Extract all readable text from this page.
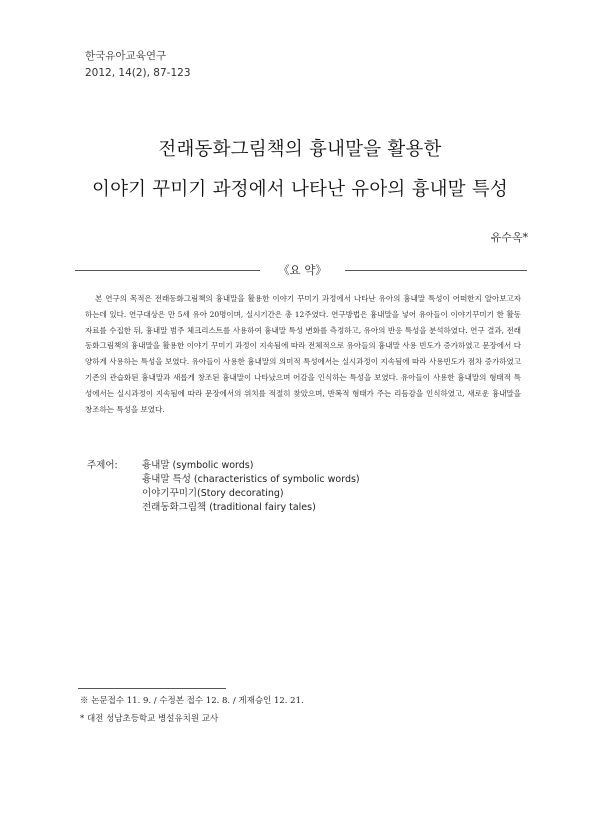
한국유아교육연구
2012, 14(2), 87-123
전래동화그림책의 흉내말을 활용한
이야기 꾸미기 과정에서 나타난 유아의 흉내말 특성
유수옥*
《요 약》

본 연구의 목적은 전래동화그림책의 흉내말을 활용한 이야기 꾸미기 과정에서 나타난 유아의 흉내말 특성이 어떠한지 알아보고자 하는데 있다. 연구대상은 만 5세 유아 20명이며, 실시기간은 총 12주였다. 연구방법은 흉내말을 넣어 유아들이 이야기꾸미기 한 활동 자료를 수집한 뒤, 흉내말 범주 체크리스트를 사용하여 흉내말 특성 변화를 측정하고, 유아의 반응 특성을 분석하였다. 연구 결과, 전래동화그림책의 흉내말을 활용한 이야기 꾸미기 과정이 지속됨에 따라 전체적으로 유아들의 흉내말 사용 빈도가 증가하였고 문장에서 다양하게 사용하는 특성을 보였다. 유아들이 사용한 흉내말의 의미적 특성에서는 실시과정이 지속됨에 따라 사용빈도가 점차 증가하였고 기존의 관습화된 흉내말과 새롭게 창조된 흉내말이 나타났으며 어감을 인식하는 특성을 보였다. 유아들이 사용한 흉내말의 형태적 특성에서는 실시과정이 지속됨에 따라 문장에서의 위치를 적절히 찾았으며, 반복적 형태가 주는 리듬감을 인식하였고, 새로운 흉내말을 창조하는 특성을 보였다.

주제어:	흉내말 (symbolic words)
흉내말 특성 (characteristics of symbolic words)
이야기꾸미기(Story decorating)
전래동화그림책 (traditional fairy tales)
※ 논문접수 11. 9. / 수정본 접수 12. 8. / 게재승인 12. 21.
* 대전 성남초등학교 병설유치원 교사
